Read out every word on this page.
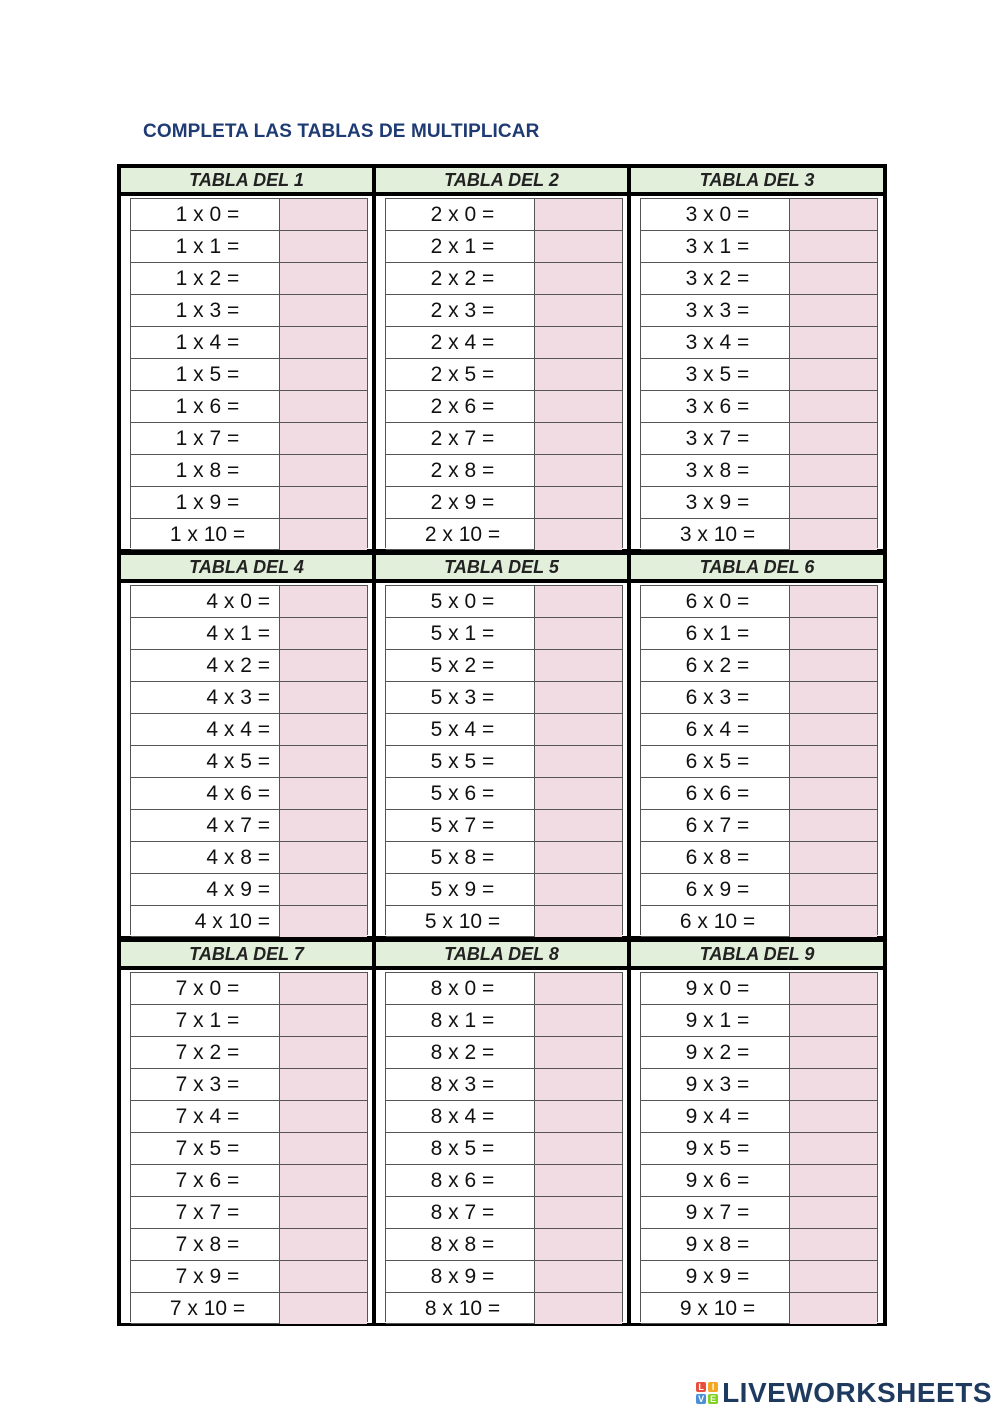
COMPLETA LAS TABLAS DE MULTIPLICAR
TABLA DEL 1
1 x 0 =
1 x 1 =
1 x 2 =
1 x 3 =
1 x 4 =
1 x 5 =
1 x 6 =
1 x 7 =
1 x 8 =
1 x 9 =
1 x 10 =
TABLA DEL 2
2 x 0 =
2 x 1 =
2 x 2 =
2 x 3 =
2 x 4 =
2 x 5 =
2 x 6 =
2 x 7 =
2 x 8 =
2 x 9 =
2 x 10 =
TABLA DEL 3
3 x 0 =
3 x 1 =
3 x 2 =
3 x 3 =
3 x 4 =
3 x 5 =
3 x 6 =
3 x 7 =
3 x 8 =
3 x 9 =
3 x 10 =
TABLA DEL 4
4 x 0 =
4 x 1 =
4 x 2 =
4 x 3 =
4 x 4 =
4 x 5 =
4 x 6 =
4 x 7 =
4 x 8 =
4 x 9 =
4 x 10 =
TABLA DEL 5
5 x 0 =
5 x 1 =
5 x 2 =
5 x 3 =
5 x 4 =
5 x 5 =
5 x 6 =
5 x 7 =
5 x 8 =
5 x 9 =
5 x 10 =
TABLA DEL 6
6 x 0 =
6 x 1 =
6 x 2 =
6 x 3 =
6 x 4 =
6 x 5 =
6 x 6 =
6 x 7 =
6 x 8 =
6 x 9 =
6 x 10 =
TABLA DEL 7
7 x 0 =
7 x 1 =
7 x 2 =
7 x 3 =
7 x 4 =
7 x 5 =
7 x 6 =
7 x 7 =
7 x 8 =
7 x 9 =
7 x 10 =
TABLA DEL 8
8 x 0 =
8 x 1 =
8 x 2 =
8 x 3 =
8 x 4 =
8 x 5 =
8 x 6 =
8 x 7 =
8 x 8 =
8 x 9 =
8 x 10 =
TABLA DEL 9
9 x 0 =
9 x 1 =
9 x 2 =
9 x 3 =
9 x 4 =
9 x 5 =
9 x 6 =
9 x 7 =
9 x 8 =
9 x 9 =
9 x 10 =
L I
V E LIVEWORKSHEETS
